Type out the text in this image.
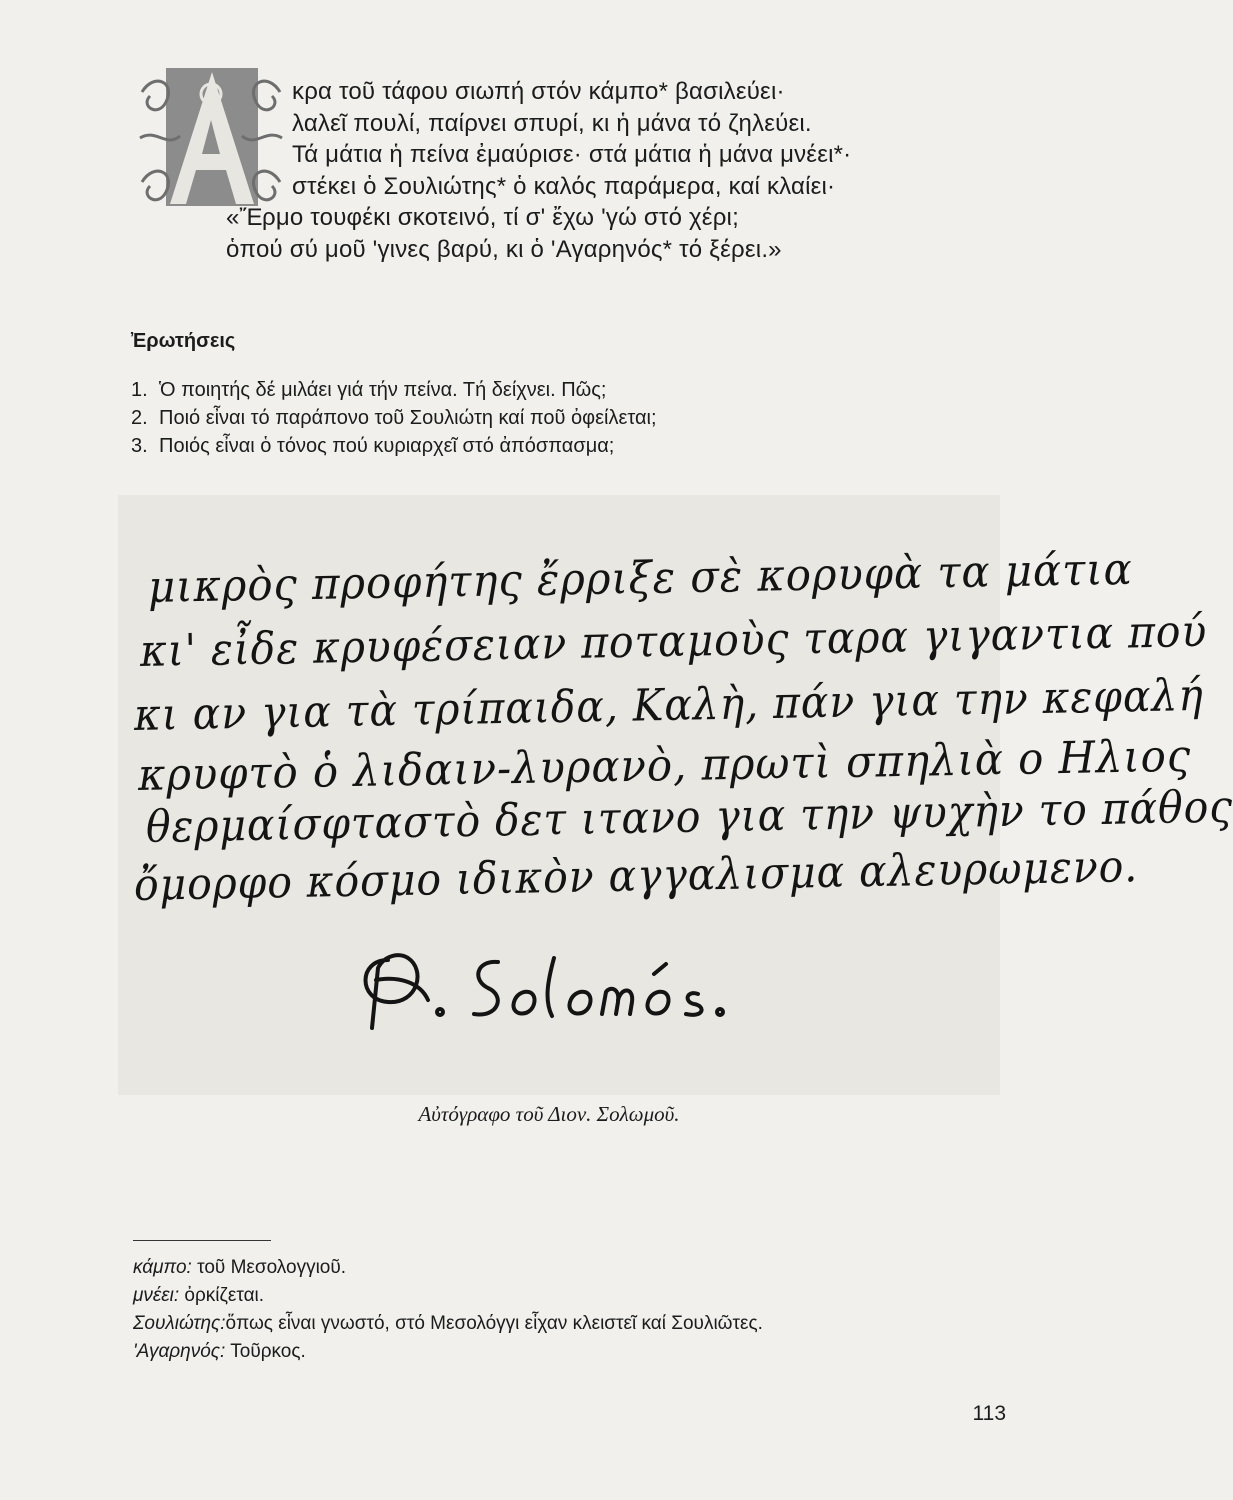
κρα τοῦ τάφου σιωπή στόν κάμπο* βασιλεύει·
λαλεῖ πουλί, παίρνει σπυρί, κι ἡ μάνα τό ζηλεύει.
Τά μάτια ἡ πείνα ἐμαύρισε· στά μάτια ἡ μάνα μνέει*·
στέκει ὁ Σουλιώτης* ὁ καλός παράμερα, καί κλαίει·
«Ἔρμο τουφέκι σκοτεινό, τί σ' ἔχω 'γώ στό χέρι;
ὁπού σύ μοῦ 'γινες βαρύ, κι ὁ 'Αγαρηνός* τό ξέρει.»
Ἐρωτήσεις
1. Ὁ ποιητής δέ μιλάει γιά τήν πείνα. Τή δείχνει. Πῶς;
2. Ποιό εἶναι τό παράπονο τοῦ Σουλιώτη καί ποῦ ὀφείλεται;
3. Ποιός εἶναι ὁ τόνος πού κυριαρχεῖ στό ἀπόσπασμα;
μικρὸς προφήτης ἔρριξε σὲ κορυφὰ τα μάτια
κι' εἶδε κρυφέσειαν ποταμοὺς ταρα γιγαντια πού
κι αν για τὰ τρίπαιδα, Καλὴ, πάν για την κεφαλή
κρυφτὸ ὁ λιδαιν-λυρανὸ, πρωτὶ σπηλιὰ ο Ηλιος
θερμαίσφταστὸ δετ ιτανο για την ψυχὴν το πάθος
ὄμορφο κόσμο ιδικὸν αγγαλισμα αλευρωμενο.
Αὐτόγραφο τοῦ Διον. Σολωμοῦ.
κάμπο: τοῦ Μεσολογγιοῦ.
μνέει: ὀρκίζεται.
Σουλιώτης:ὅπως εἶναι γνωστό, στό Μεσολόγγι εἶχαν κλειστεῖ καί Σουλιῶτες.
'Αγαρηνός: Τοῦρκος.
113
